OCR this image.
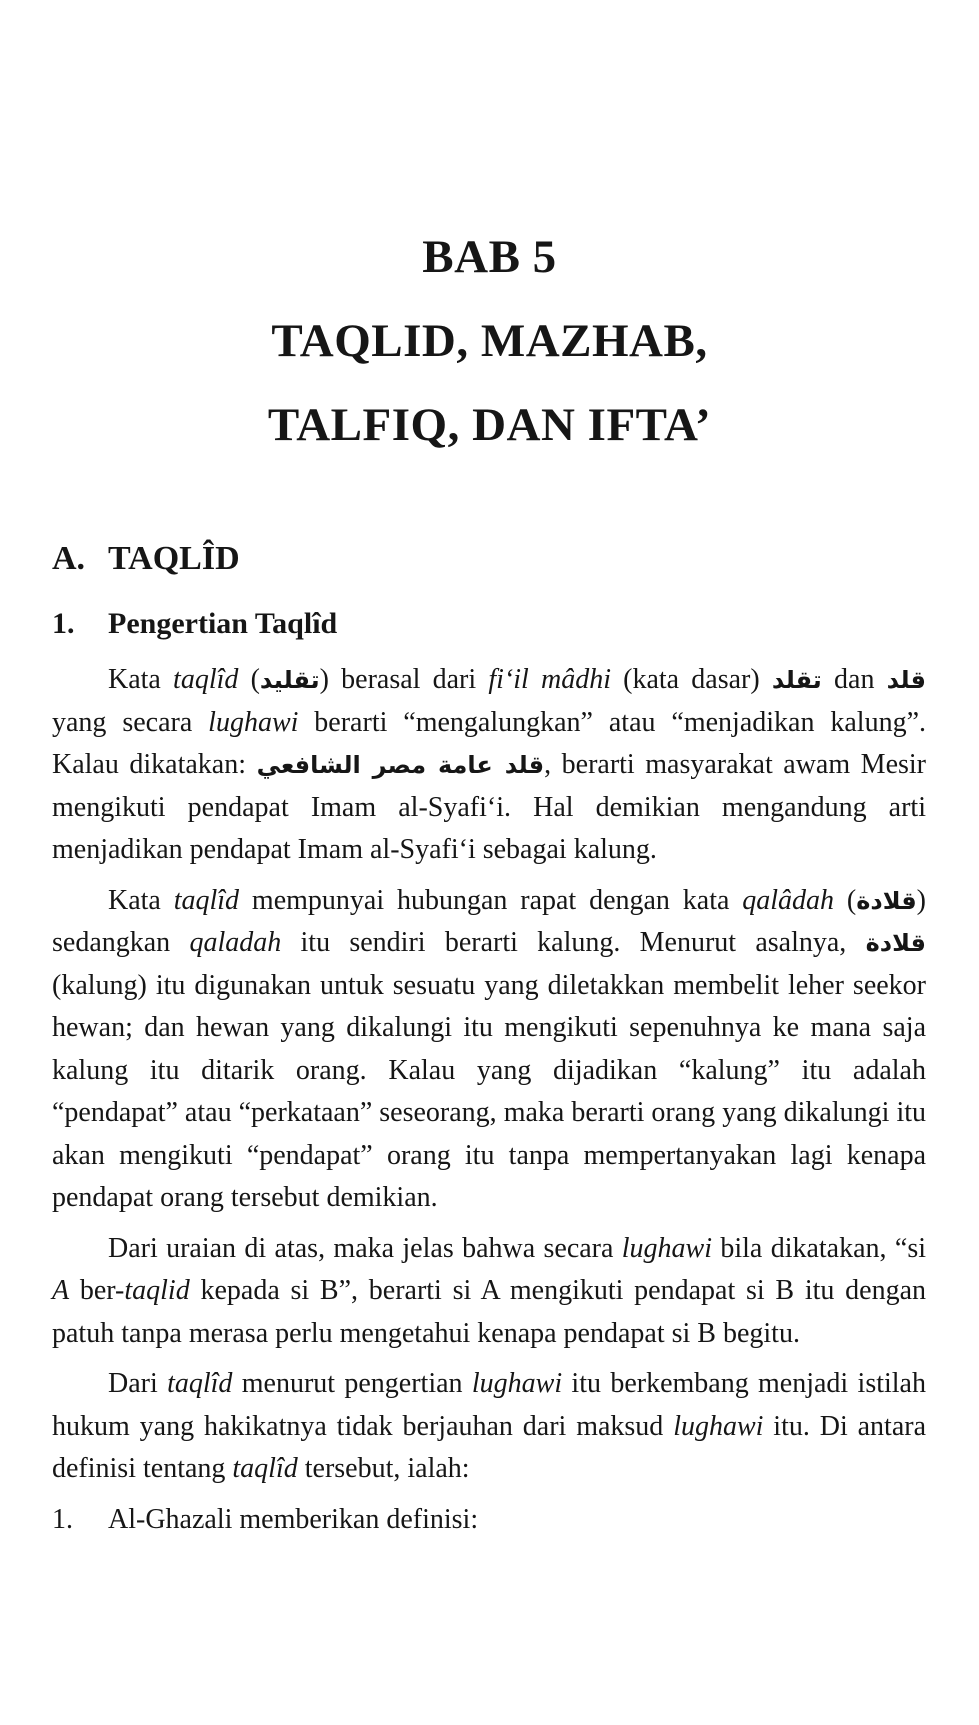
BAB 5
TAQLID, MAZHAB, TALFIQ, DAN IFTA’
A. TAQLÎD
1. Pengertian Taqlîd

Kata taqlîd (تقليد) berasal dari fi‘il mâdhi (kata dasar) تقلد dan قلد yang secara lughawi berarti “mengalungkan” atau “menjadikan kalung”. Kalau dikatakan: قلد عامة مصر الشافعي, berarti masyarakat awam Mesir mengikuti pendapat Imam al-Syafi‘i. Hal demikian mengandung arti menjadikan pendapat Imam al-Syafi‘i sebagai kalung.

Kata taqlîd mempunyai hubungan rapat dengan kata qalâdah (قلادة) sedangkan qaladah itu sendiri berarti kalung. Menurut asalnya, قلادة (kalung) itu digunakan untuk sesuatu yang diletakkan membelit leher seekor hewan; dan hewan yang dikalungi itu mengikuti sepenuhnya ke mana saja kalung itu ditarik orang. Kalau yang dijadikan “kalung” itu adalah “pendapat” atau “perkataan” seseorang, maka berarti orang yang dikalungi itu akan mengikuti “pendapat” orang itu tanpa mempertanyakan lagi kenapa pendapat orang tersebut demikian.

Dari uraian di atas, maka jelas bahwa secara lughawi bila dikatakan, “si A ber-taqlid kepada si B”, berarti si A mengikuti pendapat si B itu dengan patuh tanpa merasa perlu mengetahui kenapa pendapat si B begitu.

Dari taqlîd menurut pengertian lughawi itu berkembang menjadi istilah hukum yang hakikatnya tidak berjauhan dari maksud lughawi itu. Di antara definisi tentang taqlîd tersebut, ialah:

1. Al-Ghazali memberikan definisi:
